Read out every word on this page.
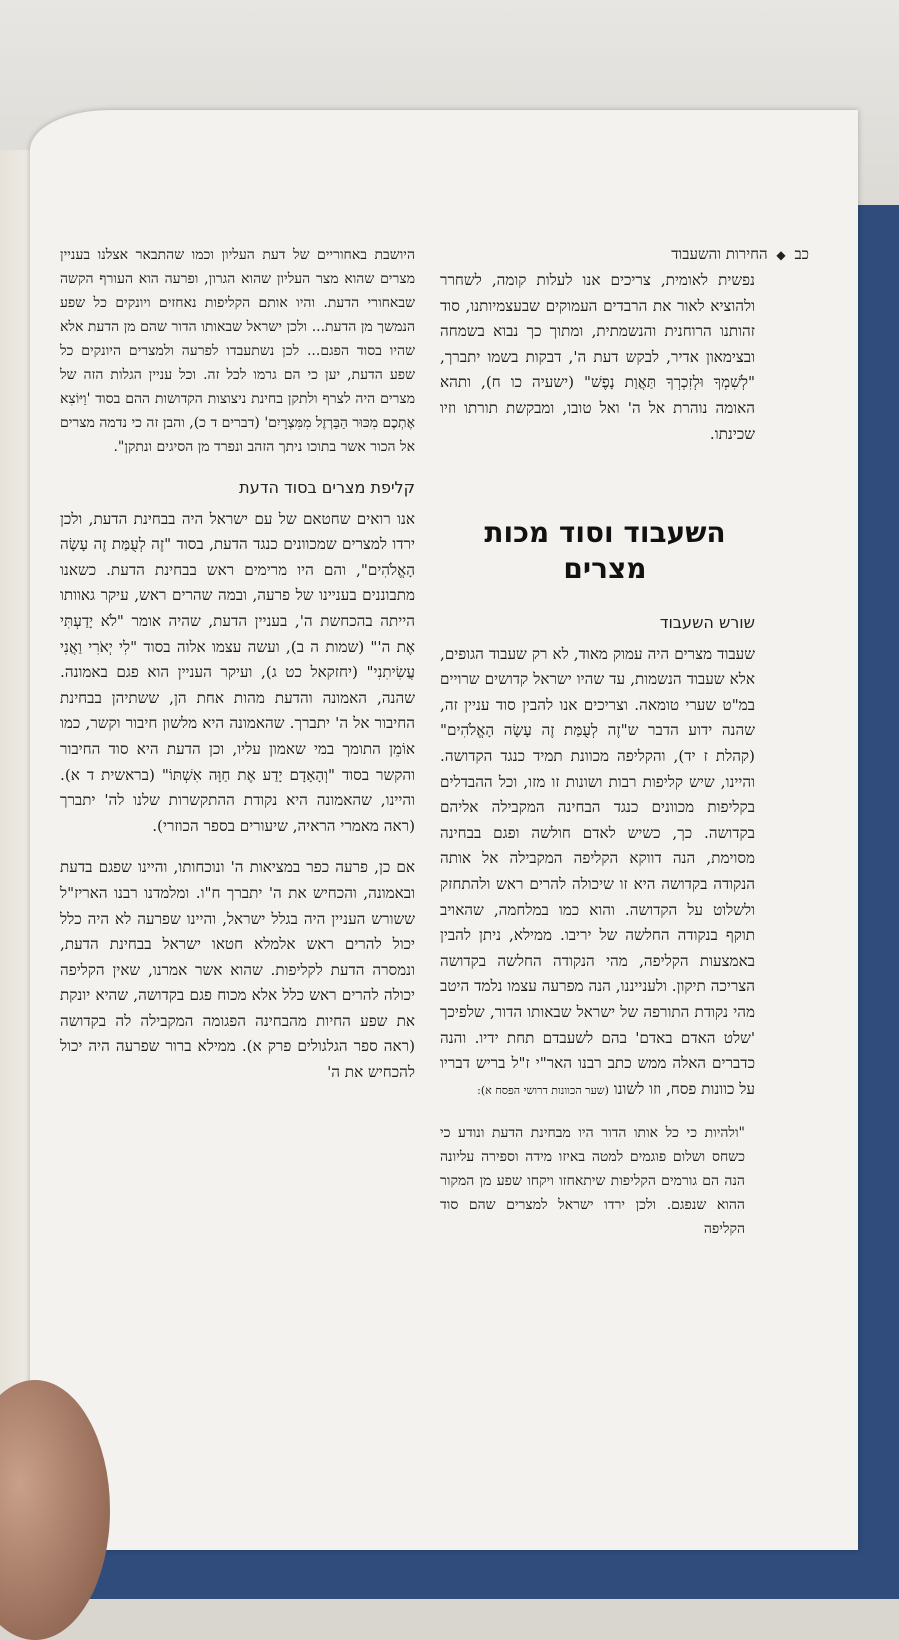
כב ◆ החירות והשעבוד

נפשית לאומית, צריכים אנו לעלות קומה, לשחרר ולהוציא לאור את הרבדים העמוקים שבעצמיותנו, סוד זהותנו הרוחנית והנשמתית, ומתוך כך נבוא בשמחה ובצימאון אדיר, לבקש דעת ה', דבקות בשמו יתברך, "לְשִׁמְךָ וּלְזִכְרְךָ תַּאֲוַת נָפֶשׁ" (ישעיה כו ח), ותהא האומה נוהרת אל ה' ואל טובו, ומבקשת תורתו וזיו שכינתו.

השעבוד וסוד מכות מצרים
שורש השעבוד

שעבוד מצרים היה עמוק מאוד, לא רק שעבוד הגופים, אלא שעבוד הנשמות, עד שהיו ישראל קדושים שרויים במ"ט שערי טומאה. וצריכים אנו להבין סוד עניין זה, שהנה ידוע הדבר ש"זֶה לְעֻמַּת זֶה עָשָׂה הָאֱלֹהִים" (קהלת ז יד), והקליפה מכוונת תמיד כנגד הקדושה. והיינו, שיש קליפות רבות ושונות זו מזו, וכל ההבדלים בקליפות מכוונים כנגד הבחינה המקבילה אליהם בקדושה. כך, כשיש לאדם חולשה ופגם בבחינה מסוימת, הנה דווקא הקליפה המקבילה אל אותה הנקודה בקדושה היא זו שיכולה להרים ראש ולהתחזק ולשלוט על הקדושה. והוא כמו במלחמה, שהאויב תוקף בנקודה החלשה של יריבו. ממילא, ניתן להבין באמצעות הקליפה, מהי הנקודה החלשה בקדושה הצריכה תיקון. ולענייננו, הנה מפרעה עצמו נלמד היטב מהי נקודת התורפה של ישראל שבאותו הדור, שלפיכך 'שלט האדם באדם' בהם לשעבדם תחת ידיו. והנה כדברים האלה ממש כתב רבנו האר"י ז"ל בריש דבריו על כוונות פסח, וזו לשונו (שער הכוונות דרושי הפסח א):

"ולהיות כי כל אותו הדור היו מבחינת הדעת ונודע כי כשחס ושלום פוגמים למטה באיזו מידה וספירה עליונה הנה הם גורמים הקליפות שיתאחזו ויקחו שפע מן המקור ההוא שנפגם. ולכן ירדו ישראל למצרים שהם סוד הקליפה
היושבת באחוריים של דעת העליון וכמו שהתבאר אצלנו בעניין מצרים שהוא מצר העליון שהוא הגרון, ופרעה הוא העורף הקשה שבאחורי הדעת. והיו אותם הקליפות נאחזים ויונקים כל שפע הנמשך מן הדעת... ולכן ישראל שבאותו הדור שהם מן הדעת אלא שהיו בסוד הפגם... לכן נשתעבדו לפרעה ולמצרים היונקים כל שפע הדעת, יען כי הם גרמו לכל זה. וכל עניין הגלות הזה של מצרים היה לצרף ולתקן בחינת ניצוצות הקדושות ההם בסוד 'וַיּוֹצִא אֶתְכֶם מִכּוּר הַבַּרְזֶל מִמִּצְרָיִם' (דברים ד כ), והבן זה כי נדמה מצרים אל הכור אשר בתוכו ניתך הזהב ונפרד מן הסיגים ונתקן".
קליפת מצרים בסוד הדעת

אנו רואים שחטאם של עם ישראל היה בבחינת הדעת, ולכן ירדו למצרים שמכוונים כנגד הדעת, בסוד "זֶה לְעֻמַּת זֶה עָשָׂה הָאֱלֹהִים", והם היו מרימים ראש בבחינת הדעת. כשאנו מתבוננים בעניינו של פרעה, ובמה שהרים ראש, עיקר גאוותו הייתה בהכחשת ה', בעניין הדעת, שהיה אומר "לֹא יָדַעְתִּי אֶת ה'" (שמות ה ב), ועשה עצמו אלוה בסוד "לִי יְאֹרִי וַאֲנִי עֲשִׂיתִנִי" (יחזקאל כט ג), ועיקר העניין הוא פגם באמונה. שהנה, האמונה והדעת מהות אחת הן, ששתיהן בבחינת החיבור אל ה' יתברך. שהאמונה היא מלשון חיבור וקשר, כמו אוֹמֵן התומך במי שאמון עליו, וכן הדעת היא סוד החיבור והקשר בסוד "וְהָאָדָם יָדַע אֶת חַוָּה אִשְׁתּוֹ" (בראשית ד א). והיינו, שהאמונה היא נקודת ההתקשרות שלנו לה' יתברך (ראה מאמרי הראיה, שיעורים בספר הכוזרי).

אם כן, פרעה כפר במציאות ה' ונוכחותו, והיינו שפגם בדעת ובאמונה, והכחיש את ה' יתברך ח"ו. ומלמדנו רבנו האריז"ל ששורש העניין היה בגלל ישראל, והיינו שפרעה לא היה כלל יכול להרים ראש אלמלא חטאו ישראל בבחינת הדעת, ונמסרה הדעת לקליפות. שהוא אשר אמרנו, שאין הקליפה יכולה להרים ראש כלל אלא מכוח פגם בקדושה, שהיא יונקת את שפע החיות מהבחינה הפגומה המקבילה לה בקדושה (ראה ספר הגלגולים פרק א). ממילא ברור שפרעה היה יכול להכחיש את ה'
